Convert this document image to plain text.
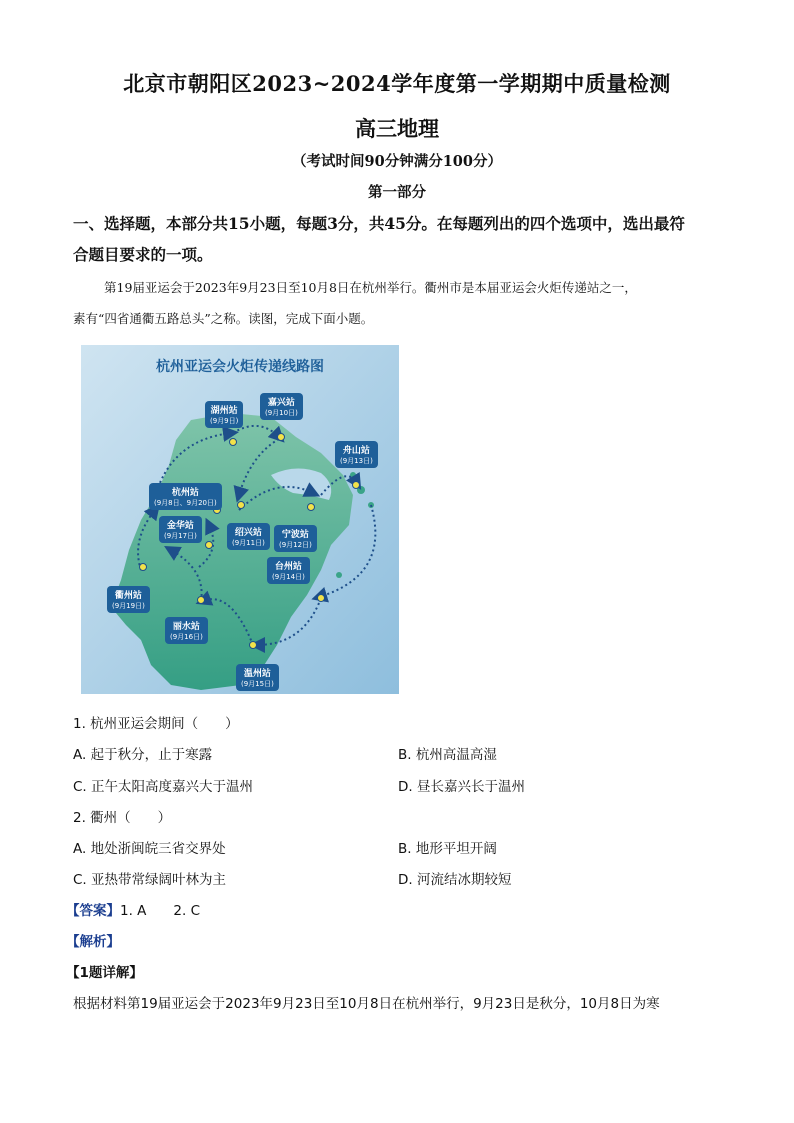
北京市朝阳区2023~2024学年度第一学期期中质量检测
高三地理
（考试时间90分钟满分100分）
第一部分
一、选择题，本部分共15小题，每题3分，共45分。在每题列出的四个选项中，选出最符
合题目要求的一项。
第19届亚运会于2023年9月23日至10月8日在杭州举行。衢州市是本届亚运会火炬传递站之一，
素有“四省通衢五路总头”之称。读图，完成下面小题。
杭州亚运会火炬传递线路图
湖州站
(9月9日)
嘉兴站
(9月10日)
舟山站
(9月13日)
杭州站
(9月8日、9月20日)
金华站
(9月17日)	绍兴站
(9月11日)
宁波站
(9月12日)
台州站
(9月14日)
衢州站
(9月19日)
丽水站
(9月16日)
温州站
(9月15日)
1. 杭州亚运会期间（　　）
A. 起于秋分，止于寒露	B. 杭州高温高湿
C. 正午太阳高度嘉兴大于温州	D. 昼长嘉兴长于温州
2. 衢州（　　）
A. 地处浙闽皖三省交界处	B. 地形平坦开阔
C. 亚热带常绿阔叶林为主	D. 河流结冰期较短
【答案】1. A　　2. C
【解析】
【1题详解】
根据材料第19届亚运会于2023年9月23日至10月8日在杭州举行，9月23日是秋分，10月8日为寒
